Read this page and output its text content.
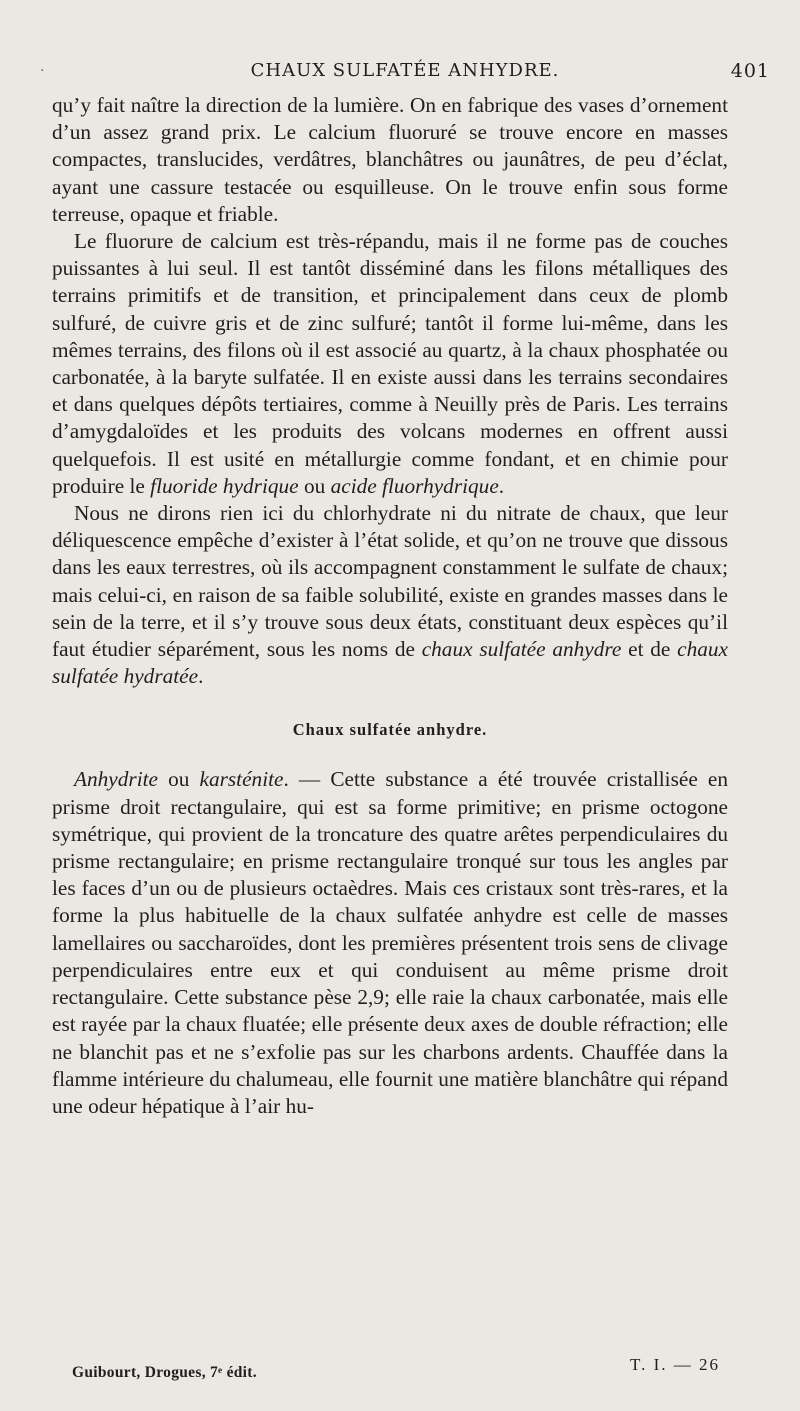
·	CHAUX SULFATÉE ANHYDRE.	401

qu’y fait naître la direction de la lumière. On en fabrique des vases d’ornement d’un assez grand prix. Le calcium fluoruré se trouve encore en masses compactes, translucides, verdâtres, blanchâtres ou jaunâtres, de peu d’éclat, ayant une cassure testacée ou esquilleuse. On le trouve enfin sous forme terreuse, opaque et friable.

Le fluorure de calcium est très-répandu, mais il ne forme pas de couches puissantes à lui seul. Il est tantôt disséminé dans les filons métalliques des terrains primitifs et de transition, et principalement dans ceux de plomb sulfuré, de cuivre gris et de zinc sulfuré; tantôt il forme lui-même, dans les mêmes terrains, des filons où il est associé au quartz, à la chaux phosphatée ou carbonatée, à la baryte sulfatée. Il en existe aussi dans les terrains secondaires et dans quelques dépôts tertiaires, comme à Neuilly près de Paris. Les terrains d’amygdaloïdes et les produits des volcans modernes en offrent aussi quelquefois. Il est usité en métallurgie comme fondant, et en chimie pour produire le fluoride hydrique ou acide fluorhydrique.

Nous ne dirons rien ici du chlorhydrate ni du nitrate de chaux, que leur déliquescence empêche d’exister à l’état solide, et qu’on ne trouve que dissous dans les eaux terrestres, où ils accompagnent constamment le sulfate de chaux; mais celui-ci, en raison de sa faible solubilité, existe en grandes masses dans le sein de la terre, et il s’y trouve sous deux états, constituant deux espèces qu’il faut étudier séparément, sous les noms de chaux sulfatée anhydre et de chaux sulfatée hydratée.

Chaux sulfatée anhydre.

Anhydrite ou karsténite. — Cette substance a été trouvée cristallisée en prisme droit rectangulaire, qui est sa forme primitive; en prisme octogone symétrique, qui provient de la troncature des quatre arêtes perpendiculaires du prisme rectangulaire; en prisme rectangulaire tronqué sur tous les angles par les faces d’un ou de plusieurs octaèdres. Mais ces cristaux sont très-rares, et la forme la plus habituelle de la chaux sulfatée anhydre est celle de masses lamellaires ou saccharoïdes, dont les premières présentent trois sens de clivage perpendiculaires entre eux et qui conduisent au même prisme droit rectangulaire. Cette substance pèse 2,9; elle raie la chaux carbonatée, mais elle est rayée par la chaux fluatée; elle présente deux axes de double réfraction; elle ne blanchit pas et ne s’exfolie pas sur les charbons ardents. Chauffée dans la flamme intérieure du chalumeau, elle fournit une matière blanchâtre qui répand une odeur hépatique à l’air hu-

Guibourt, Drogues, 7ᵉ édit.	T. I. — 26
